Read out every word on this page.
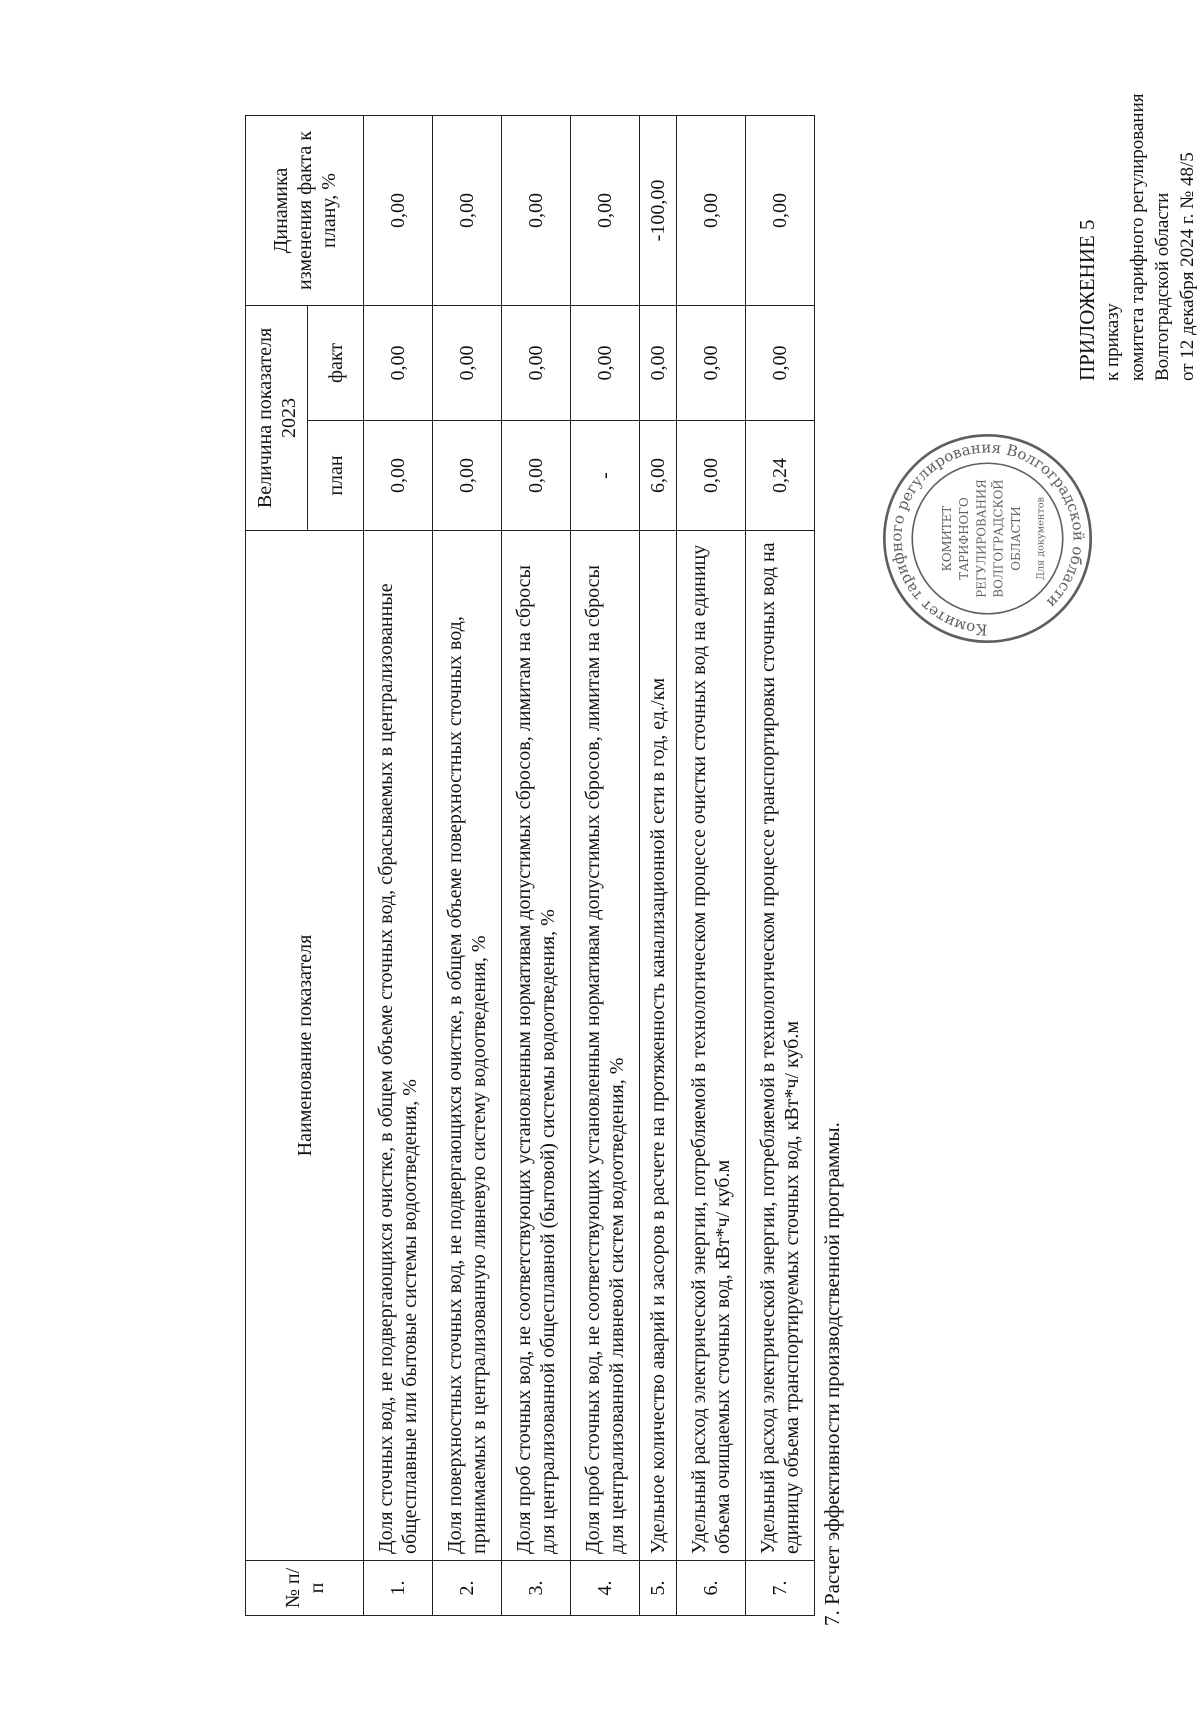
ПРИЛОЖЕНИЕ 5 к приказу комитета тарифного регулирования Волгоградской области от 12 декабря 2024 г. № 48/5
Комитет тарифного регулирования Волгоградской области
КОМИТЕТ ТАРИФНОГО РЕГУЛИРОВАНИЯ ВОЛГОГРАДСКОЙ ОБЛАСТИ Для документов
7. Расчет эффективности производственной программы.
№ п/п	Наименование показателя	Величина показателя 2023		Динамика изменения факта к плану, %
		план	факт	
1.	Доля сточных вод, не подвергающихся очистке, в общем объеме сточных вод, сбрасываемых в централизованные общесплавные или бытовые системы водоотведения, %	0,00	0,00	0,00
2.	Доля поверхностных сточных вод, не подвергающихся очистке, в общем объеме поверхностных сточных вод, принимаемых в централизованную ливневую систему водоотведения, %	0,00	0,00	0,00
3.	Доля проб сточных вод, не соответствующих установленным нормативам допустимых сбросов, лимитам на сбросы для централизованной общесплавной (бытовой) системы водоотведения, %	0,00	0,00	0,00
4.	Доля проб сточных вод, не соответствующих установленным нормативам допустимых сбросов, лимитам на сбросы для централизованной ливневой систем водоотведения, %	-	0,00	0,00
5.	Удельное количество аварий и засоров в расчете на протяженность канализационной сети в год, ед./км	6,00	0,00	-100,00
6.	Удельный расход электрической энергии, потребляемой в технологическом процессе очистки сточных вод на единицу объема очищаемых сточных вод, кВт*ч/ куб.м	0,00	0,00	0,00
7.	Удельный расход электрической энергии, потребляемой в технологическом процессе транспортировки сточных вод на единицу объема транспортируемых сточных вод, кВт*ч/ куб.м	0,24	0,00	0,00
